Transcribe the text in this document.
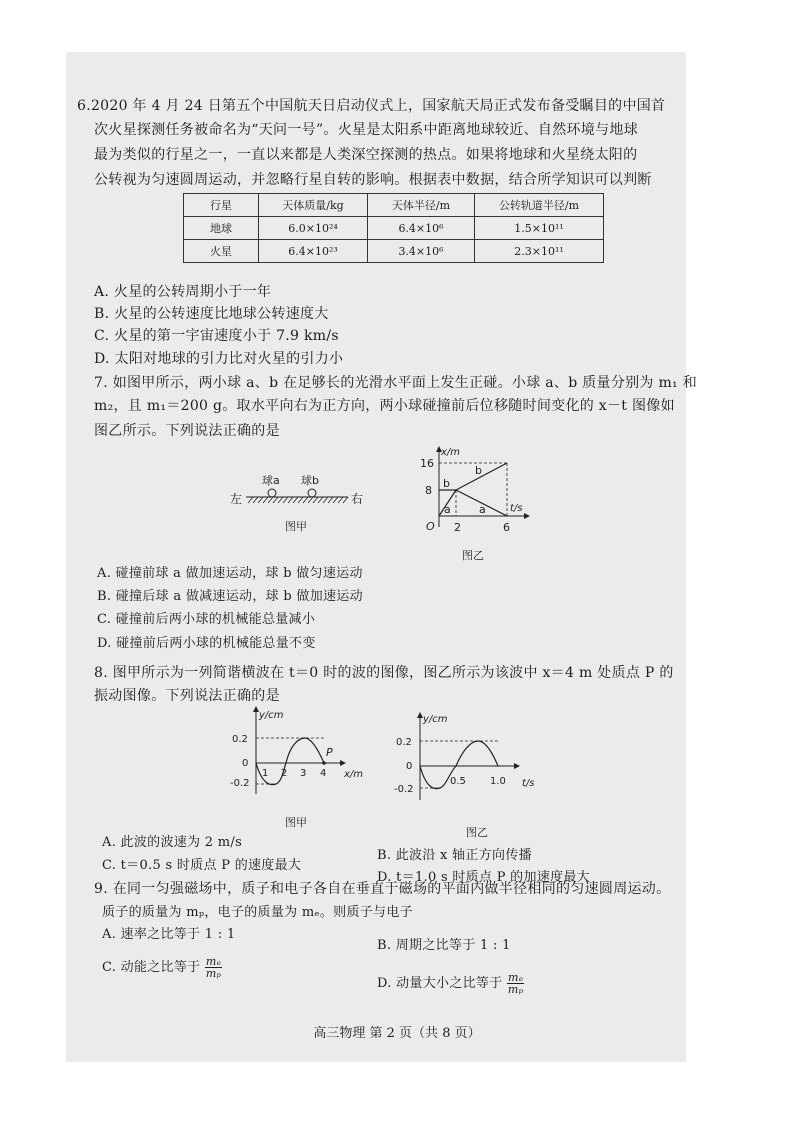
6.2020 年 4 月 24 日第五个中国航天日启动仪式上，国家航天局正式发布备受瞩目的中国首
次火星探测任务被命名为“天问一号”。火星是太阳系中距离地球较近、自然环境与地球
最为类似的行星之一，一直以来都是人类深空探测的热点。如果将地球和火星绕太阳的
公转视为匀速圆周运动，并忽略行星自转的影响。根据表中数据，结合所学知识可以判断
行星	天体质量/kg	天体半径/m	公转轨道半径/m
地球	6.0×10²⁴	6.4×10⁶	1.5×10¹¹
火星	6.4×10²³	3.4×10⁶	2.3×10¹¹
A. 火星的公转周期小于一年
B. 火星的公转速度比地球公转速度大
C. 火星的第一宇宙速度小于 7.9 km/s
D. 太阳对地球的引力比对火星的引力小
7. 如图甲所示，两小球 a、b 在足够长的光滑水平面上发生正碰。小球 a、b 质量分别为 m₁ 和
m₂，且 m₁＝200 g。取水平向右为正方向，两小球碰撞前后位移随时间变化的 x－t 图像如
图乙所示。下列说法正确的是
左
球a 球b
右
图甲
x/m
t/s
O
16
8
2	6
b
a
b
a
图乙
A. 碰撞前球 a 做加速运动，球 b 做匀速运动
B. 碰撞后球 a 做减速运动，球 b 做加速运动
C. 碰撞前后两小球的机械能总量减小
D. 碰撞前后两小球的机械能总量不变
8. 图甲所示为一列简谐横波在 t＝0 时的波的图像，图乙所示为该波中 x＝4 m 处质点 P 的
振动图像。下列说法正确的是
y/cm
x/m
0.2
0
-0.2
1 2 3 4
P
图甲
y/cm
t/s
0.2
0
-0.2
0.5 1.0
图乙
A. 此波的波速为 2 m/s
B. 此波沿 x 轴正方向传播
C. t＝0.5 s 时质点 P 的速度最大
D. t＝1.0 s 时质点 P 的加速度最大
9. 在同一匀强磁场中，质子和电子各自在垂直于磁场的平面内做半径相同的匀速圆周运动。
质子的质量为 mₚ，电子的质量为 mₑ。则质子与电子
A. 速率之比等于 1 : 1
B. 周期之比等于 1 : 1
C. 动能之比等于 $\frac{\text{mₑ}}{\text{mₚ}}$
D. 动量大小之比等于 $\frac{\text{mₑ}}{\text{mₚ}}$
高三物理 第 2 页（共 8 页）
